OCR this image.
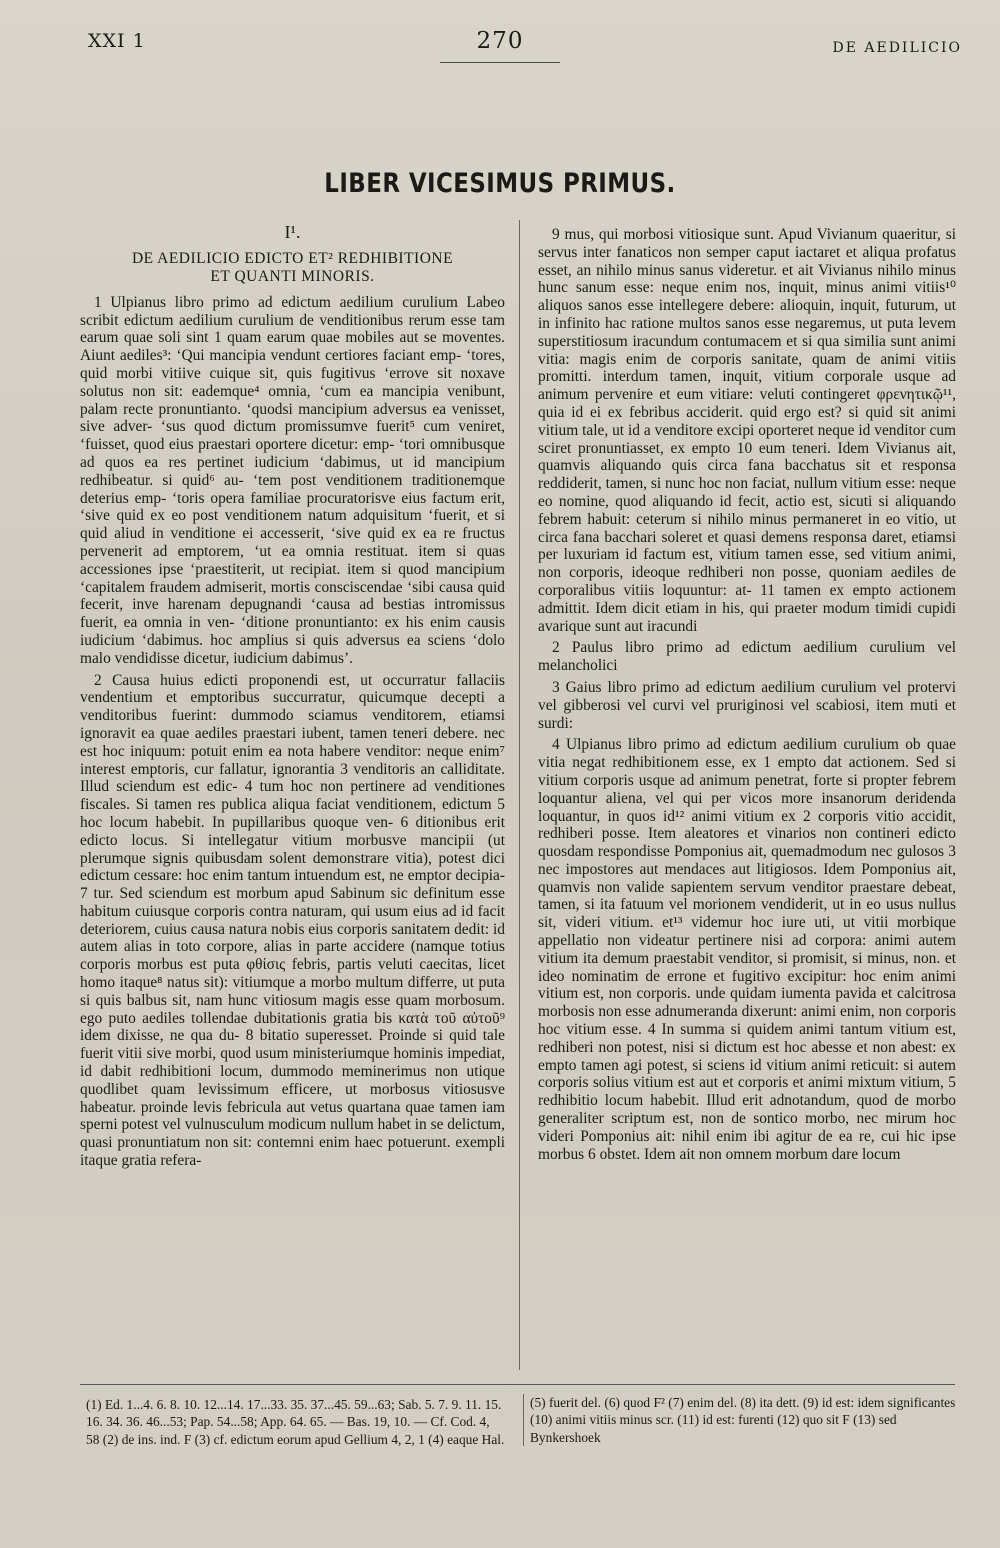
XXI 1	270	DE AEDILICIO
LIBER VICESIMUS PRIMUS.
I¹.
DE AEDILICIO EDICTO ET² REDHIBITIONE
ET QUANTI MINORIS.

1 Ulpianus libro primo ad edictum aedilium curulium Labeo scribit edictum aedilium curulium de venditionibus rerum esse tam earum quae soli sint 1 quam earum quae mobiles aut se moventes. Aiunt aediles³: ‘Qui mancipia vendunt certiores faciant emp- ‘tores, quid morbi vitiive cuique sit, quis fugitivus ‘errove sit noxave solutus non sit: eademque⁴ omnia, ‘cum ea mancipia venibunt, palam recte pronuntianto. ‘quodsi mancipium adversus ea venisset, sive adver- ‘sus quod dictum promissumve fuerit⁵ cum veniret, ‘fuisset, quod eius praestari oportere dicetur: emp- ‘tori omnibusque ad quos ea res pertinet iudicium ‘dabimus, ut id mancipium redhibeatur. si quid⁶ au- ‘tem post venditionem traditionemque deterius emp- ‘toris opera familiae procuratorisve eius factum erit, ‘sive quid ex eo post venditionem natum adquisitum ‘fuerit, et si quid aliud in venditione ei accesserit, ‘sive quid ex ea re fructus pervenerit ad emptorem, ‘ut ea omnia restituat. item si quas accessiones ipse ‘praestiterit, ut recipiat. item si quod mancipium ‘capitalem fraudem admiserit, mortis consciscendae ‘sibi causa quid fecerit, inve harenam depugnandi ‘causa ad bestias intromissus fuerit, ea omnia in ven- ‘ditione pronuntianto: ex his enim causis iudicium ‘dabimus. hoc amplius si quis adversus ea sciens ‘dolo malo vendidisse dicetur, iudicium dabimus’.

2 Causa huius edicti proponendi est, ut occurratur fallaciis vendentium et emptoribus succurratur, quicumque decepti a venditoribus fuerint: dummodo sciamus venditorem, etiamsi ignoravit ea quae aediles praestari iubent, tamen teneri debere. nec est hoc iniquum: potuit enim ea nota habere venditor: neque enim⁷ interest emptoris, cur fallatur, ignorantia 3 venditoris an calliditate. Illud sciendum est edic- 4 tum hoc non pertinere ad venditiones fiscales. Si tamen res publica aliqua faciat venditionem, edictum 5 hoc locum habebit. In pupillaribus quoque ven- 6 ditionibus erit edicto locus. Si intellegatur vitium morbusve mancipii (ut plerumque signis quibusdam solent demonstrare vitia), potest dici edictum cessare: hoc enim tantum intuendum est, ne emptor decipia- 7 tur. Sed sciendum est morbum apud Sabinum sic definitum esse habitum cuiusque corporis contra naturam, qui usum eius ad id facit deteriorem, cuius causa natura nobis eius corporis sanitatem dedit: id autem alias in toto corpore, alias in parte accidere (namque totius corporis morbus est puta φθίσις febris, partis veluti caecitas, licet homo itaque⁸ natus sit): vitiumque a morbo multum differre, ut puta si quis balbus sit, nam hunc vitiosum magis esse quam morbosum. ego puto aediles tollendae dubitationis gratia bis κατὰ τοῦ αὐτοῦ⁹ idem dixisse, ne qua du- 8 bitatio superesset. Proinde si quid tale fuerit vitii sive morbi, quod usum ministeriumque hominis impediat, id dabit redhibitioni locum, dummodo meminerimus non utique quodlibet quam levissimum efficere, ut morbosus vitiosusve habeatur. proinde levis febricula aut vetus quartana quae tamen iam sperni potest vel vulnusculum modicum nullum habet in se delictum, quasi pronuntiatum non sit: contemni enim haec potuerunt. exempli itaque gratia refera-

9 mus, qui morbosi vitiosique sunt. Apud Vivianum quaeritur, si servus inter fanaticos non semper caput iactaret et aliqua profatus esset, an nihilo minus sanus videretur. et ait Vivianus nihilo minus hunc sanum esse: neque enim nos, inquit, minus animi vitiis¹⁰ aliquos sanos esse intellegere debere: alioquin, inquit, futurum, ut in infinito hac ratione multos sanos esse negaremus, ut puta levem superstitiosum iracundum contumacem et si qua similia sunt animi vitia: magis enim de corporis sanitate, quam de animi vitiis promitti. interdum tamen, inquit, vitium corporale usque ad animum pervenire et eum vitiare: veluti contingeret φρενητικῷ¹¹, quia id ei ex febribus acciderit. quid ergo est? si quid sit animi vitium tale, ut id a venditore excipi oporteret neque id venditor cum sciret pronuntiasset, ex empto 10 eum teneri. Idem Vivianus ait, quamvis aliquando quis circa fana bacchatus sit et responsa reddiderit, tamen, si nunc hoc non faciat, nullum vitium esse: neque eo nomine, quod aliquando id fecit, actio est, sicuti si aliquando febrem habuit: ceterum si nihilo minus permaneret in eo vitio, ut circa fana bacchari soleret et quasi demens responsa daret, etiamsi per luxuriam id factum est, vitium tamen esse, sed vitium animi, non corporis, ideoque redhiberi non posse, quoniam aediles de corporalibus vitiis loquuntur: at- 11 tamen ex empto actionem admittit. Idem dicit etiam in his, qui praeter modum timidi cupidi avarique sunt aut iracundi

2 Paulus libro primo ad edictum aedilium curulium vel melancholici

3 Gaius libro primo ad edictum aedilium curulium vel protervi vel gibberosi vel curvi vel pruriginosi vel scabiosi, item muti et surdi:

4 Ulpianus libro primo ad edictum aedilium curulium ob quae vitia negat redhibitionem esse, ex 1 empto dat actionem. Sed si vitium corporis usque ad animum penetrat, forte si propter febrem loquantur aliena, vel qui per vicos more insanorum deridenda loquantur, in quos id¹² animi vitium ex 2 corporis vitio accidit, redhiberi posse. Item aleatores et vinarios non contineri edicto quosdam respondisse Pomponius ait, quemadmodum nec gulosos 3 nec impostores aut mendaces aut litigiosos. Idem Pomponius ait, quamvis non valide sapientem servum venditor praestare debeat, tamen, si ita fatuum vel morionem vendiderit, ut in eo usus nullus sit, videri vitium. et¹³ videmur hoc iure uti, ut vitii morbique appellatio non videatur pertinere nisi ad corpora: animi autem vitium ita demum praestabit venditor, si promisit, si minus, non. et ideo nominatim de errone et fugitivo excipitur: hoc enim animi vitium est, non corporis. unde quidam iumenta pavida et calcitrosa morbosis non esse adnumeranda dixerunt: animi enim, non corporis hoc vitium esse. 4 In summa si quidem animi tantum vitium est, redhiberi non potest, nisi si dictum est hoc abesse et non abest: ex empto tamen agi potest, si sciens id vitium animi reticuit: si autem corporis solius vitium est aut et corporis et animi mixtum vitium, 5 redhibitio locum habebit. Illud erit adnotandum, quod de morbo generaliter scriptum est, non de sontico morbo, nec mirum hoc videri Pomponius ait: nihil enim ibi agitur de ea re, cui hic ipse morbus 6 obstet. Idem ait non omnem morbum dare locum

(1) Ed. 1...4. 6. 8. 10. 12...14. 17...33. 35. 37...45. 59...63; Sab. 5. 7. 9. 11. 15. 16. 34. 36. 46...53; Pap. 54...58; App. 64. 65. — Bas. 19, 10. — Cf. Cod. 4, 58 (2) de ins. ind. F (3) cf. edictum eorum apud Gellium 4, 2, 1 (4) eaque Hal.
(5) fuerit del. (6) quod F² (7) enim del. (8) ita dett. (9) id est: idem significantes (10) animi vitiis minus scr. (11) id est: furenti (12) quo sit F (13) sed Bynkershoek
